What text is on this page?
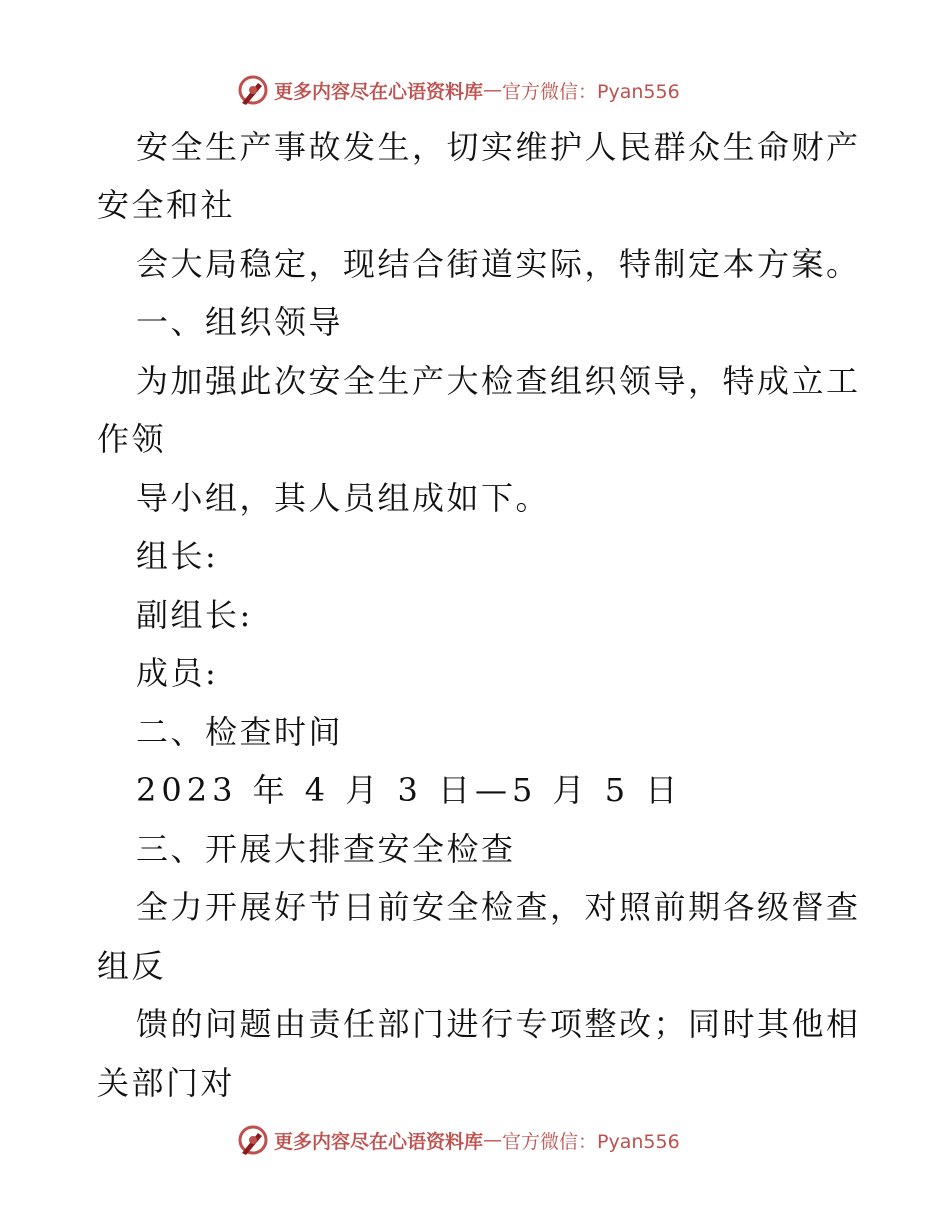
更多内容尽在心语资料库 — 官方微信：Pyan556
安全生产事故发生，切实维护人民群众生命财产
安全和社
会大局稳定，现结合街道实际，特制定本方案。
一、组织领导
为加强此次安全生产大检查组织领导，特成立工
作领
导小组，其人员组成如下。
组长:
副组长:
成员:
二、检查时间
2023 年 4 月 3 日—5 月 5 日
三、开展大排查安全检查
全力开展好节日前安全检查，对照前期各级督查
组反
馈的问题由责任部门进行专项整改；同时其他相
关部门对
更多内容尽在心语资料库 — 官方微信：Pyan556
